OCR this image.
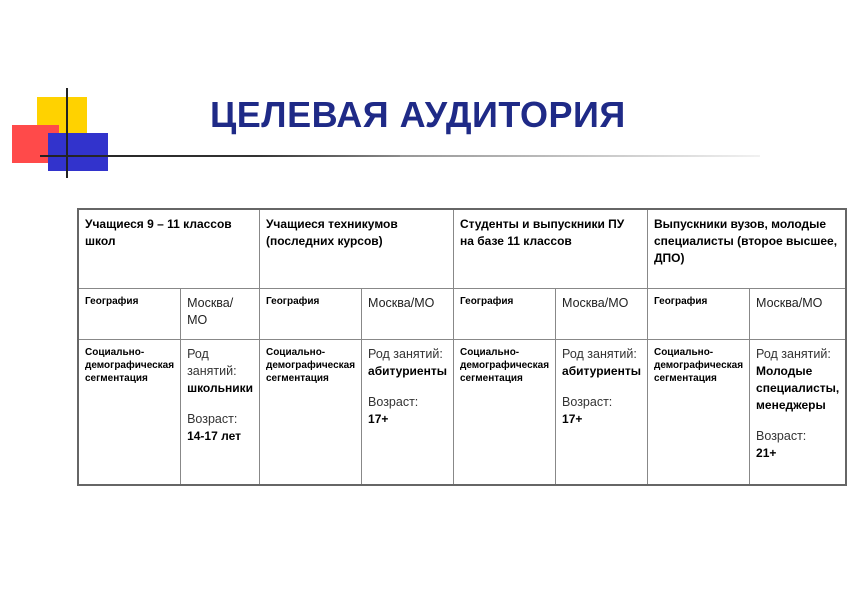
ЦЕЛЕВАЯ АУДИТОРИЯ
Учащиеся 9 – 11 классов школ		Учащиеся техникумов (последних курсов)		Студенты и выпускники ПУ на базе 11 классов		Выпускники вузов, молодые специалисты (второе высшее, ДПО)	
География	Москва/МО	География	Москва/МО	География	Москва/МО	География	Москва/МО
Социально-демографическая сегментация	Род занятий:
школьники
Возраст:
14-17 лет	Социально-демографическая сегментация	Род занятий:
абитуриенты
Возраст:
17+	Социально-демографическая сегментация	Род занятий:
абитуриенты
Возраст:
17+	Социально-демографическая сегментация	Род занятий:
Молодые специалисты, менеджеры
Возраст:
21+
